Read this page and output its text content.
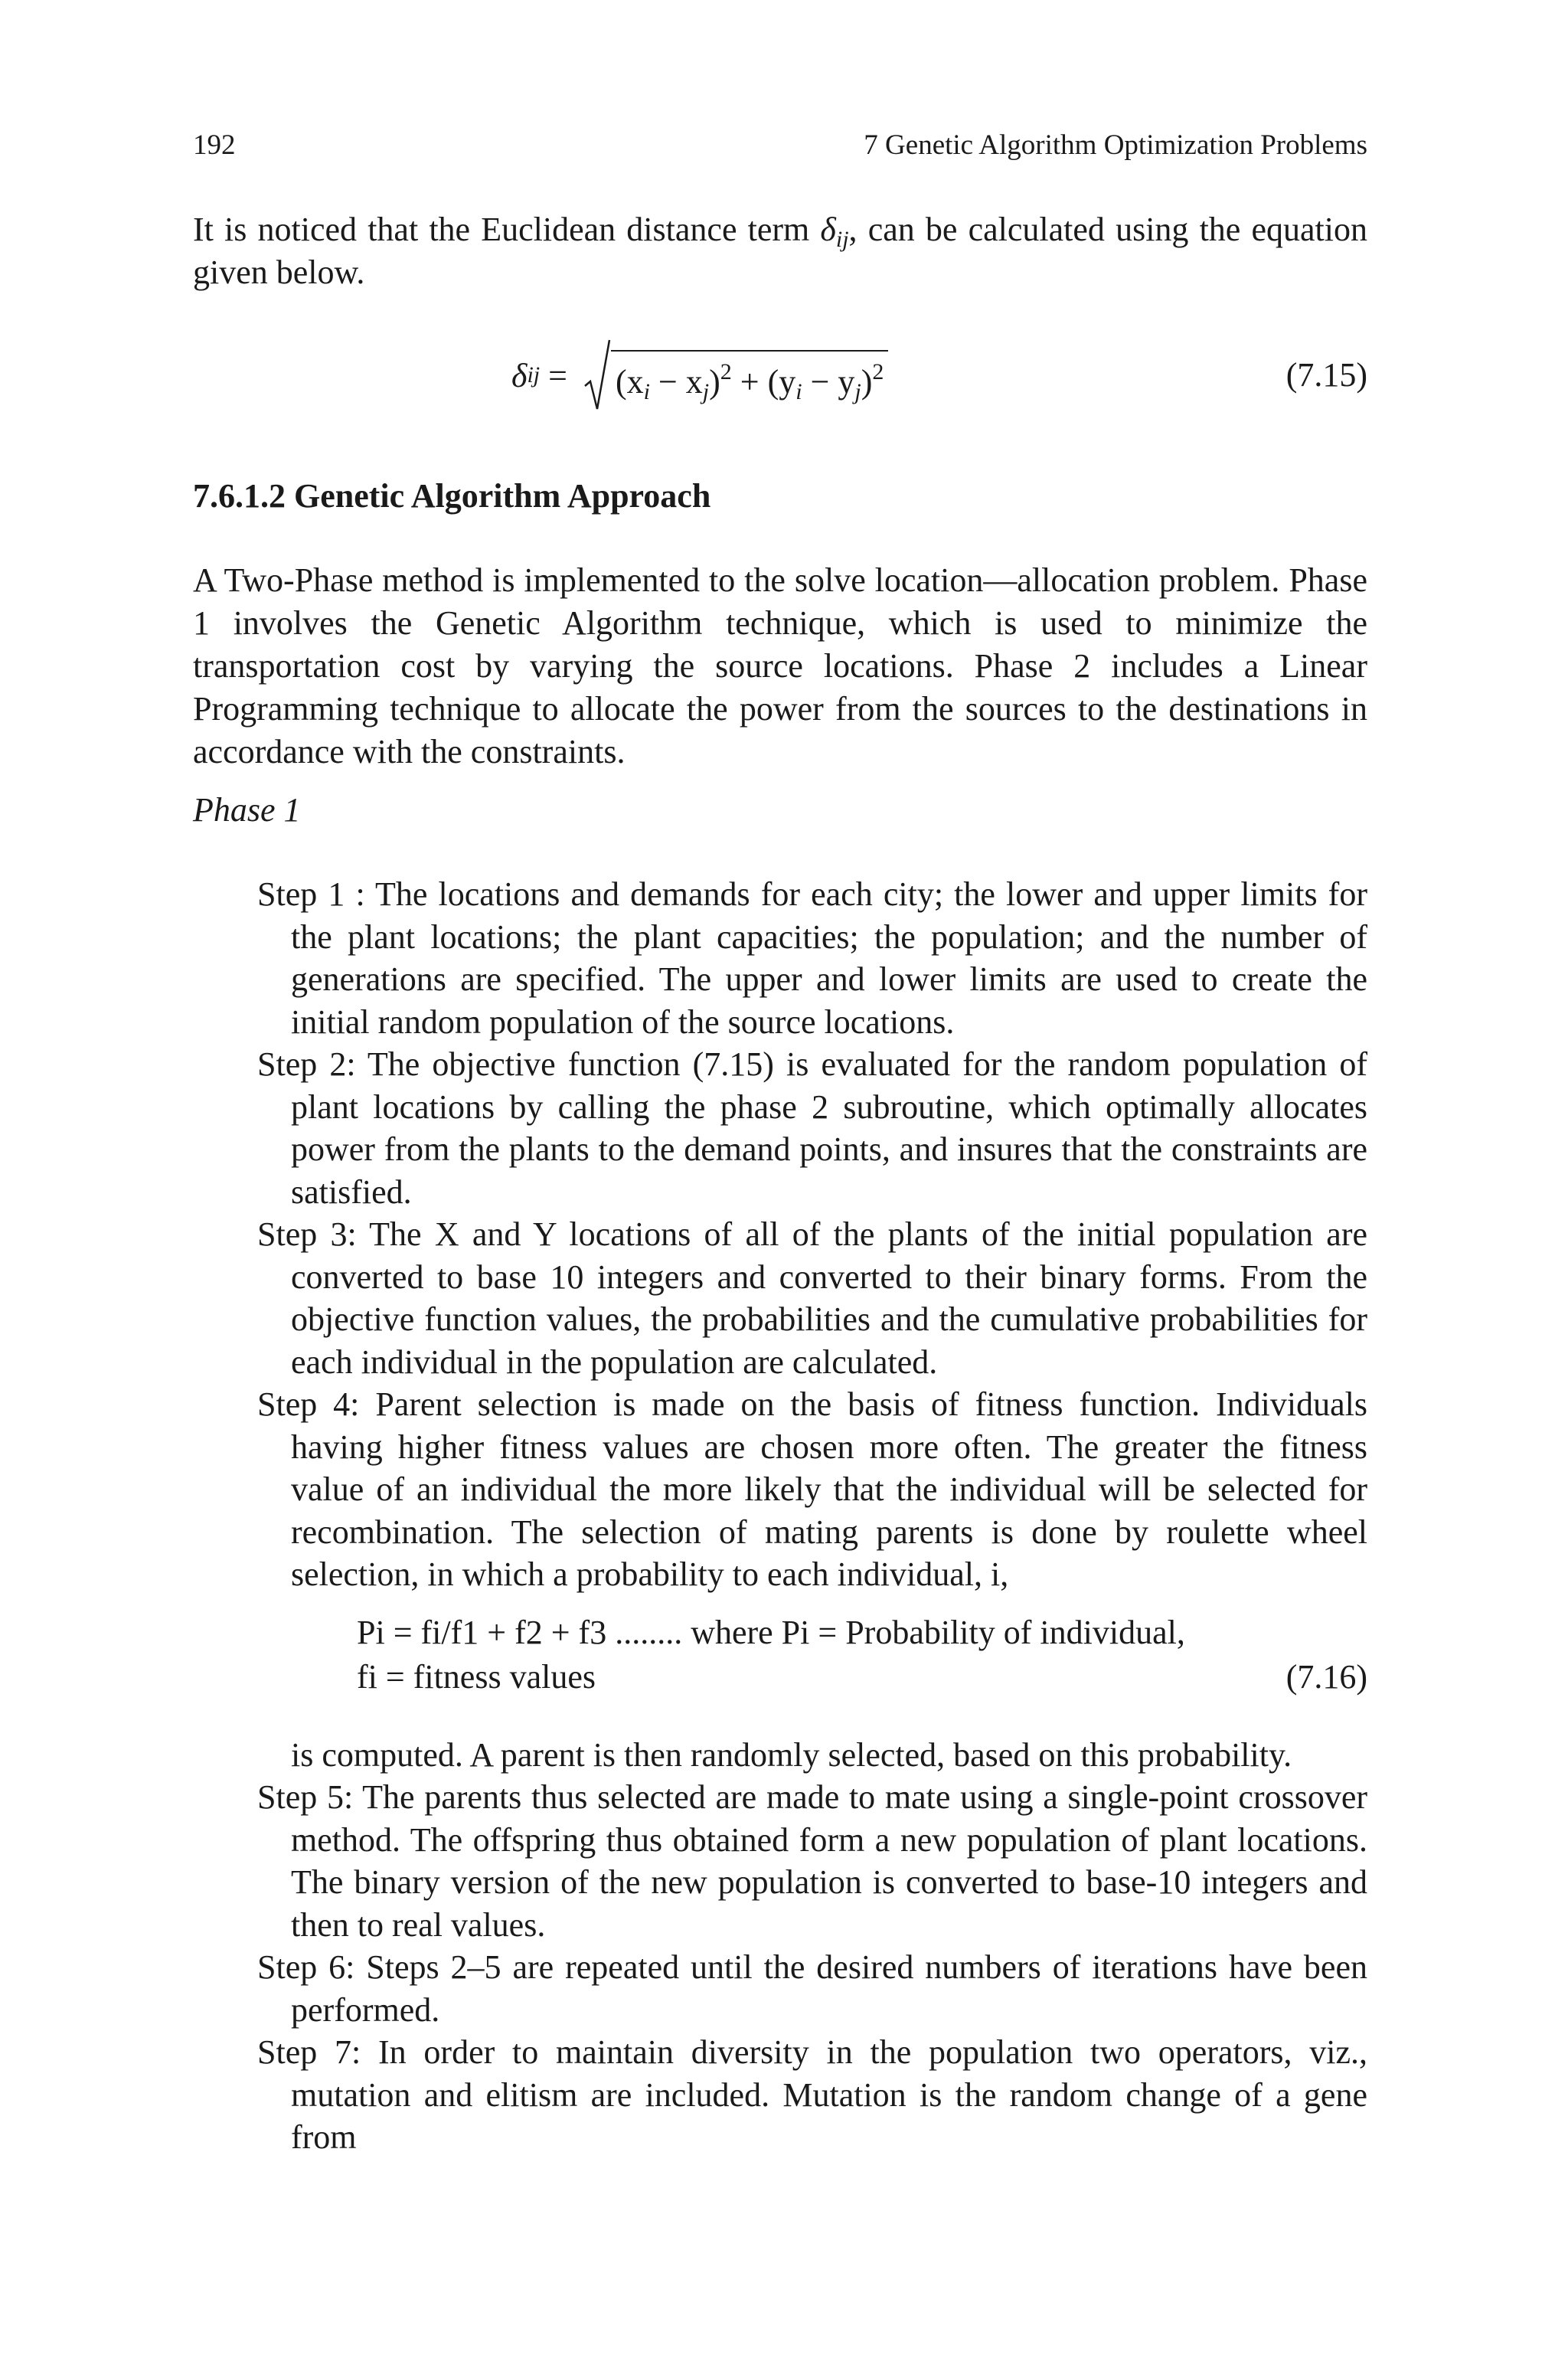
192	7 Genetic Algorithm Optimization Problems

It is noticed that the Euclidean distance term $\delta_{ij}$, can be calculated using the equation given below.

δ ij = $(x_i - x_j)^2 + (y_i - y_j)^2$	(7.15)
7.6.1.2 Genetic Algorithm Approach

A Two-Phase method is implemented to the solve location—allocation problem. Phase 1 involves the Genetic Algorithm technique, which is used to minimize the transportation cost by varying the source locations. Phase 2 includes a Linear Programming technique to allocate the power from the sources to the destinations in accordance with the constraints.

Phase 1

Step 1 : The locations and demands for each city; the lower and upper limits for the plant locations; the plant capacities; the population; and the number of generations are specified. The upper and lower limits are used to create the initial random population of the source locations.

Step 2: The objective function (7.15) is evaluated for the random population of plant locations by calling the phase 2 subroutine, which optimally allocates power from the plants to the demand points, and insures that the constraints are satisfied.

Step 3: The X and Y locations of all of the plants of the initial population are converted to base 10 integers and converted to their binary forms. From the objective function values, the probabilities and the cumulative probabilities for each individual in the population are calculated.

Step 4: Parent selection is made on the basis of fitness function. Individuals having higher fitness values are chosen more often. The greater the fitness value of an individual the more likely that the individual will be selected for recombination. The selection of mating parents is done by roulette wheel selection, in which a probability to each individual, i,

Pi = fi/f1 + f2 + f3 ........ where Pi = Probability of individual,
fi = fitness values	(7.16)

is computed. A parent is then randomly selected, based on this probability.

Step 5: The parents thus selected are made to mate using a single-point crossover method. The offspring thus obtained form a new population of plant locations. The binary version of the new population is converted to base-10 integers and then to real values.

Step 6: Steps 2–5 are repeated until the desired numbers of iterations have been performed.

Step 7: In order to maintain diversity in the population two operators, viz., mutation and elitism are included. Mutation is the random change of a gene from
